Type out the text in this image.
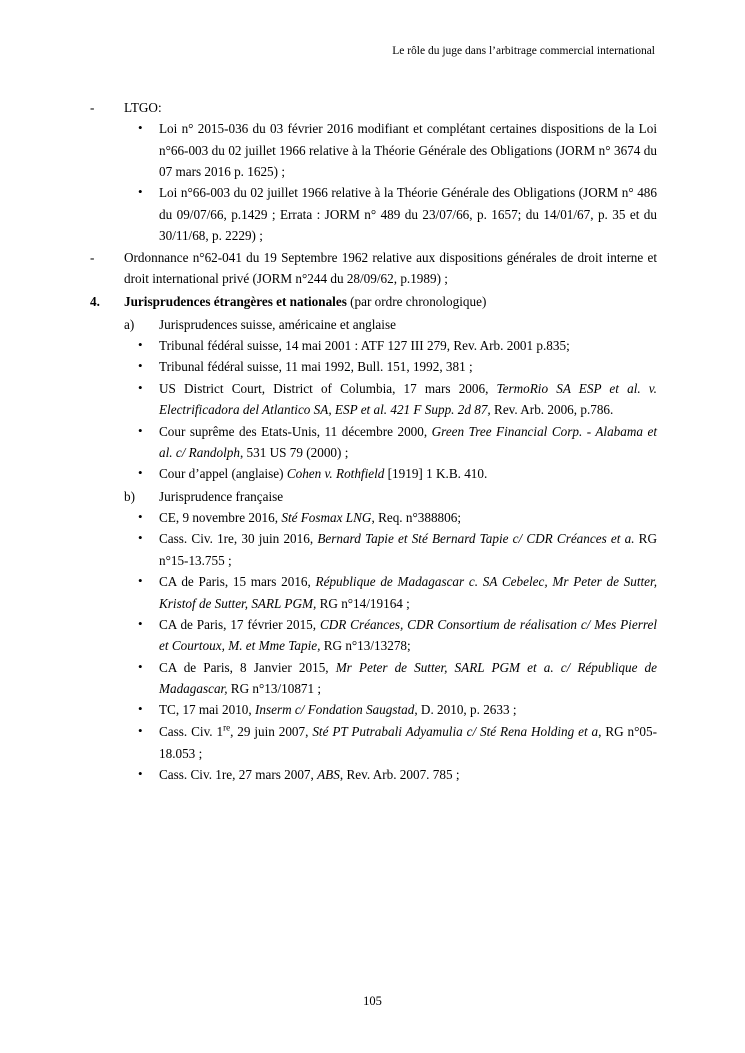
Le rôle du juge dans l’arbitrage commercial international
- LTGO:
• Loi n° 2015-036 du 03 février 2016 modifiant et complétant certaines dispositions de la Loi n°66-003 du 02 juillet 1966 relative à la Théorie Générale des Obligations (JORM n° 3674 du 07 mars 2016 p. 1625) ;
• Loi n°66-003 du 02 juillet 1966 relative à la Théorie Générale des Obligations (JORM n° 486 du 09/07/66, p.1429 ; Errata : JORM n° 489 du 23/07/66, p. 1657; du 14/01/67, p. 35 et du 30/11/68, p. 2229) ;
- Ordonnance n°62-041 du 19 Septembre 1962 relative aux dispositions générales de droit interne et droit international privé (JORM n°244 du 28/09/62, p.1989) ;
4. Jurisprudences étrangères et nationales (par ordre chronologique)
a) Jurisprudences suisse, américaine et anglaise
• Tribunal fédéral suisse, 14 mai 2001 : ATF 127 III 279, Rev. Arb. 2001 p.835;
• Tribunal fédéral suisse, 11 mai 1992, Bull. 151, 1992, 381 ;
• US District Court, District of Columbia, 17 mars 2006, TermoRio SA ESP et al. v. Electrificadora del Atlantico SA, ESP et al. 421 F Supp. 2d 87, Rev. Arb. 2006, p.786.
• Cour suprême des Etats-Unis, 11 décembre 2000, Green Tree Financial Corp. - Alabama et al. c/ Randolph, 531 US 79 (2000) ;
• Cour d’appel (anglaise) Cohen v. Rothfield [1919] 1 K.B. 410.
b) Jurisprudence française
• CE, 9 novembre 2016, Sté Fosmax LNG, Req. n°388806;
• Cass. Civ. 1re, 30 juin 2016, Bernard Tapie et Sté Bernard Tapie c/ CDR Créances et a. RG n°15-13.755 ;
• CA de Paris, 15 mars 2016, République de Madagascar c. SA Cebelec, Mr Peter de Sutter, Kristof de Sutter, SARL PGM, RG n°14/19164 ;
• CA de Paris, 17 février 2015, CDR Créances, CDR Consortium de réalisation c/ Mes Pierrel et Courtoux, M. et Mme Tapie, RG n°13/13278;
• CA de Paris, 8 Janvier 2015, Mr Peter de Sutter, SARL PGM et a. c/ République de Madagascar, RG n°13/10871 ;
• TC, 17 mai 2010, Inserm c/ Fondation Saugstad, D. 2010, p. 2633 ;
• Cass. Civ. 1re, 29 juin 2007, Sté PT Putrabali Adyamulia c/ Sté Rena Holding et a, RG n°05-18.053 ;
• Cass. Civ. 1re, 27 mars 2007, ABS, Rev. Arb. 2007. 785 ;
105
